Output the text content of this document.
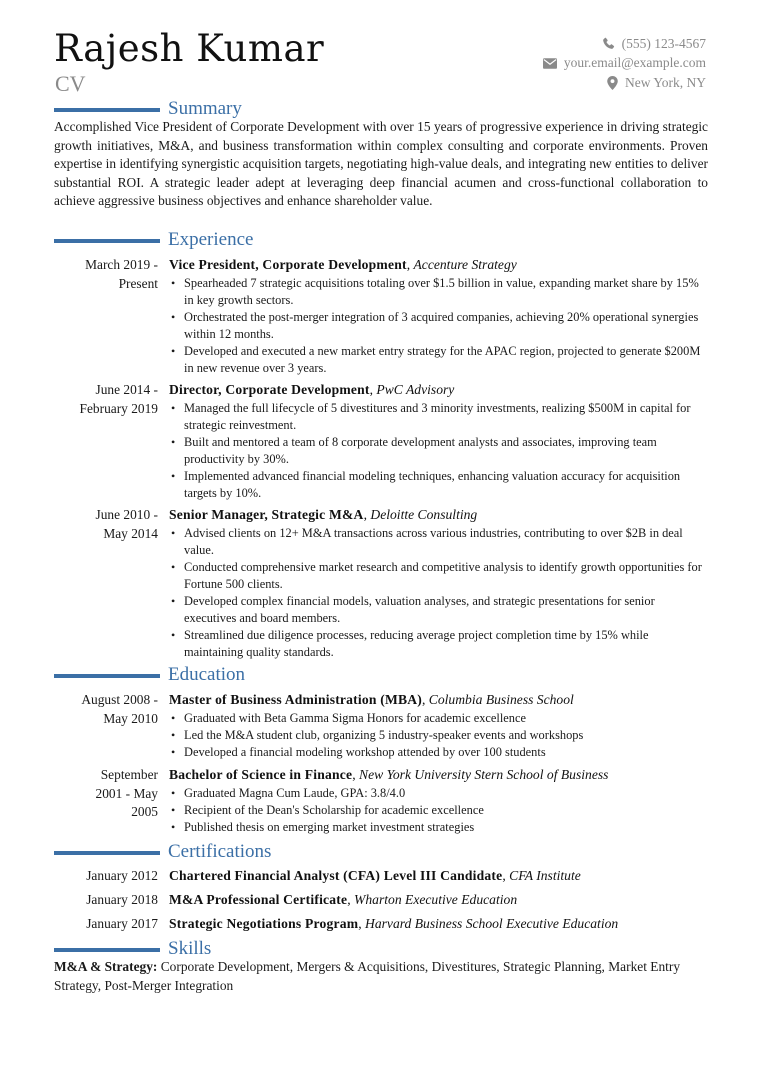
Rajesh Kumar
CV
(555) 123-4567
your.email@example.com
New York, NY
Summary
Accomplished Vice President of Corporate Development with over 15 years of progressive experience in driving strategic growth initiatives, M&A, and business transformation within complex consulting and corporate environments. Proven expertise in identifying synergistic acquisition targets, negotiating high-value deals, and integrating new entities to deliver substantial ROI. A strategic leader adept at leveraging deep financial acumen and cross-functional collaboration to achieve aggressive business objectives and enhance shareholder value.
Experience
March 2019 -
Present
Vice President, Corporate Development, Accenture Strategy
• Spearheaded 7 strategic acquisitions totaling over $1.5 billion in value, expanding market share by 15% in key growth sectors.
• Orchestrated the post-merger integration of 3 acquired companies, achieving 20% operational synergies within 12 months.
• Developed and executed a new market entry strategy for the APAC region, projected to generate $200M in new revenue over 3 years.
June 2014 -
February 2019
Director, Corporate Development, PwC Advisory
• Managed the full lifecycle of 5 divestitures and 3 minority investments, realizing $500M in capital for strategic reinvestment.
• Built and mentored a team of 8 corporate development analysts and associates, improving team productivity by 30%.
• Implemented advanced financial modeling techniques, enhancing valuation accuracy for acquisition targets by 10%.
June 2010 -
May 2014
Senior Manager, Strategic M&A, Deloitte Consulting
• Advised clients on 12+ M&A transactions across various industries, contributing to over $2B in deal value.
• Conducted comprehensive market research and competitive analysis to identify growth opportunities for Fortune 500 clients.
• Developed complex financial models, valuation analyses, and strategic presentations for senior executives and board members.
• Streamlined due diligence processes, reducing average project completion time by 15% while maintaining quality standards.
Education
August 2008 -
May 2010
Master of Business Administration (MBA), Columbia Business School
• Graduated with Beta Gamma Sigma Honors for academic excellence
• Led the M&A student club, organizing 5 industry-speaker events and workshops
• Developed a financial modeling workshop attended by over 100 students
September
2001 - May
2005
Bachelor of Science in Finance, New York University Stern School of Business
• Graduated Magna Cum Laude, GPA: 3.8/4.0
• Recipient of the Dean's Scholarship for academic excellence
• Published thesis on emerging market investment strategies
Certifications
January 2012 Chartered Financial Analyst (CFA) Level III Candidate, CFA Institute
January 2018 M&A Professional Certificate, Wharton Executive Education
January 2017 Strategic Negotiations Program, Harvard Business School Executive Education
Skills
M&A & Strategy: Corporate Development, Mergers & Acquisitions, Divestitures, Strategic Planning, Market Entry Strategy, Post-Merger Integration
